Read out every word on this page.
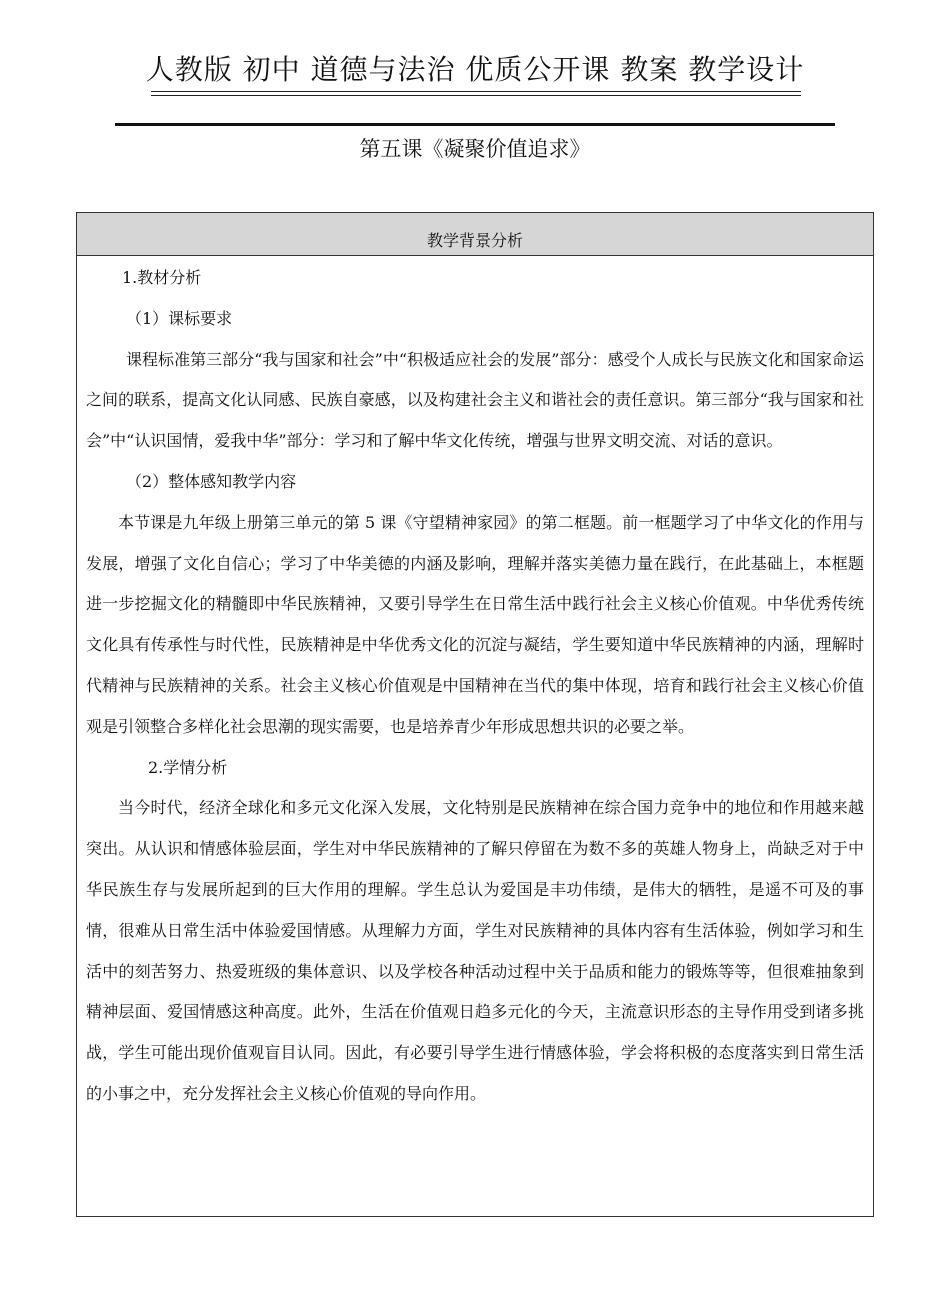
人教版 初中 道德与法治 优质公开课 教案 教学设计
第五课《凝聚价值追求》
教学背景分析

1.教材分析

（1）课标要求

课程标准第三部分“我与国家和社会”中“积极适应社会的发展”部分：感受个人成长与民族文化和国家命运之间的联系，提高文化认同感、民族自豪感，以及构建社会主义和谐社会的责任意识。第三部分“我与国家和社会”中“认识国情，爱我中华”部分：学习和了解中华文化传统，增强与世界文明交流、对话的意识。

（2）整体感知教学内容

本节课是九年级上册第三单元的第 5 课《守望精神家园》的第二框题。前一框题学习了中华文化的作用与发展，增强了文化自信心；学习了中华美德的内涵及影响，理解并落实美德力量在践行，在此基础上，本框题进一步挖掘文化的精髓即中华民族精神，又要引导学生在日常生活中践行社会主义核心价值观。中华优秀传统文化具有传承性与时代性，民族精神是中华优秀文化的沉淀与凝结，学生要知道中华民族精神的内涵，理解时代精神与民族精神的关系。社会主义核心价值观是中国精神在当代的集中体现，培育和践行社会主义核心价值观是引领整合多样化社会思潮的现实需要，也是培养青少年形成思想共识的必要之举。

2.学情分析

当今时代，经济全球化和多元文化深入发展，文化特别是民族精神在综合国力竞争中的地位和作用越来越突出。从认识和情感体验层面，学生对中华民族精神的了解只停留在为数不多的英雄人物身上，尚缺乏对于中华民族生存与发展所起到的巨大作用的理解。学生总认为爱国是丰功伟绩，是伟大的牺牲，是遥不可及的事情，很难从日常生活中体验爱国情感。从理解力方面，学生对民族精神的具体内容有生活体验，例如学习和生活中的刻苦努力、热爱班级的集体意识、以及学校各种活动过程中关于品质和能力的锻炼等等，但很难抽象到精神层面、爱国情感这种高度。此外，生活在价值观日趋多元化的今天，主流意识形态的主导作用受到诸多挑战，学生可能出现价值观盲目认同。因此，有必要引导学生进行情感体验，学会将积极的态度落实到日常生活的小事之中，充分发挥社会主义核心价值观的导向作用。
